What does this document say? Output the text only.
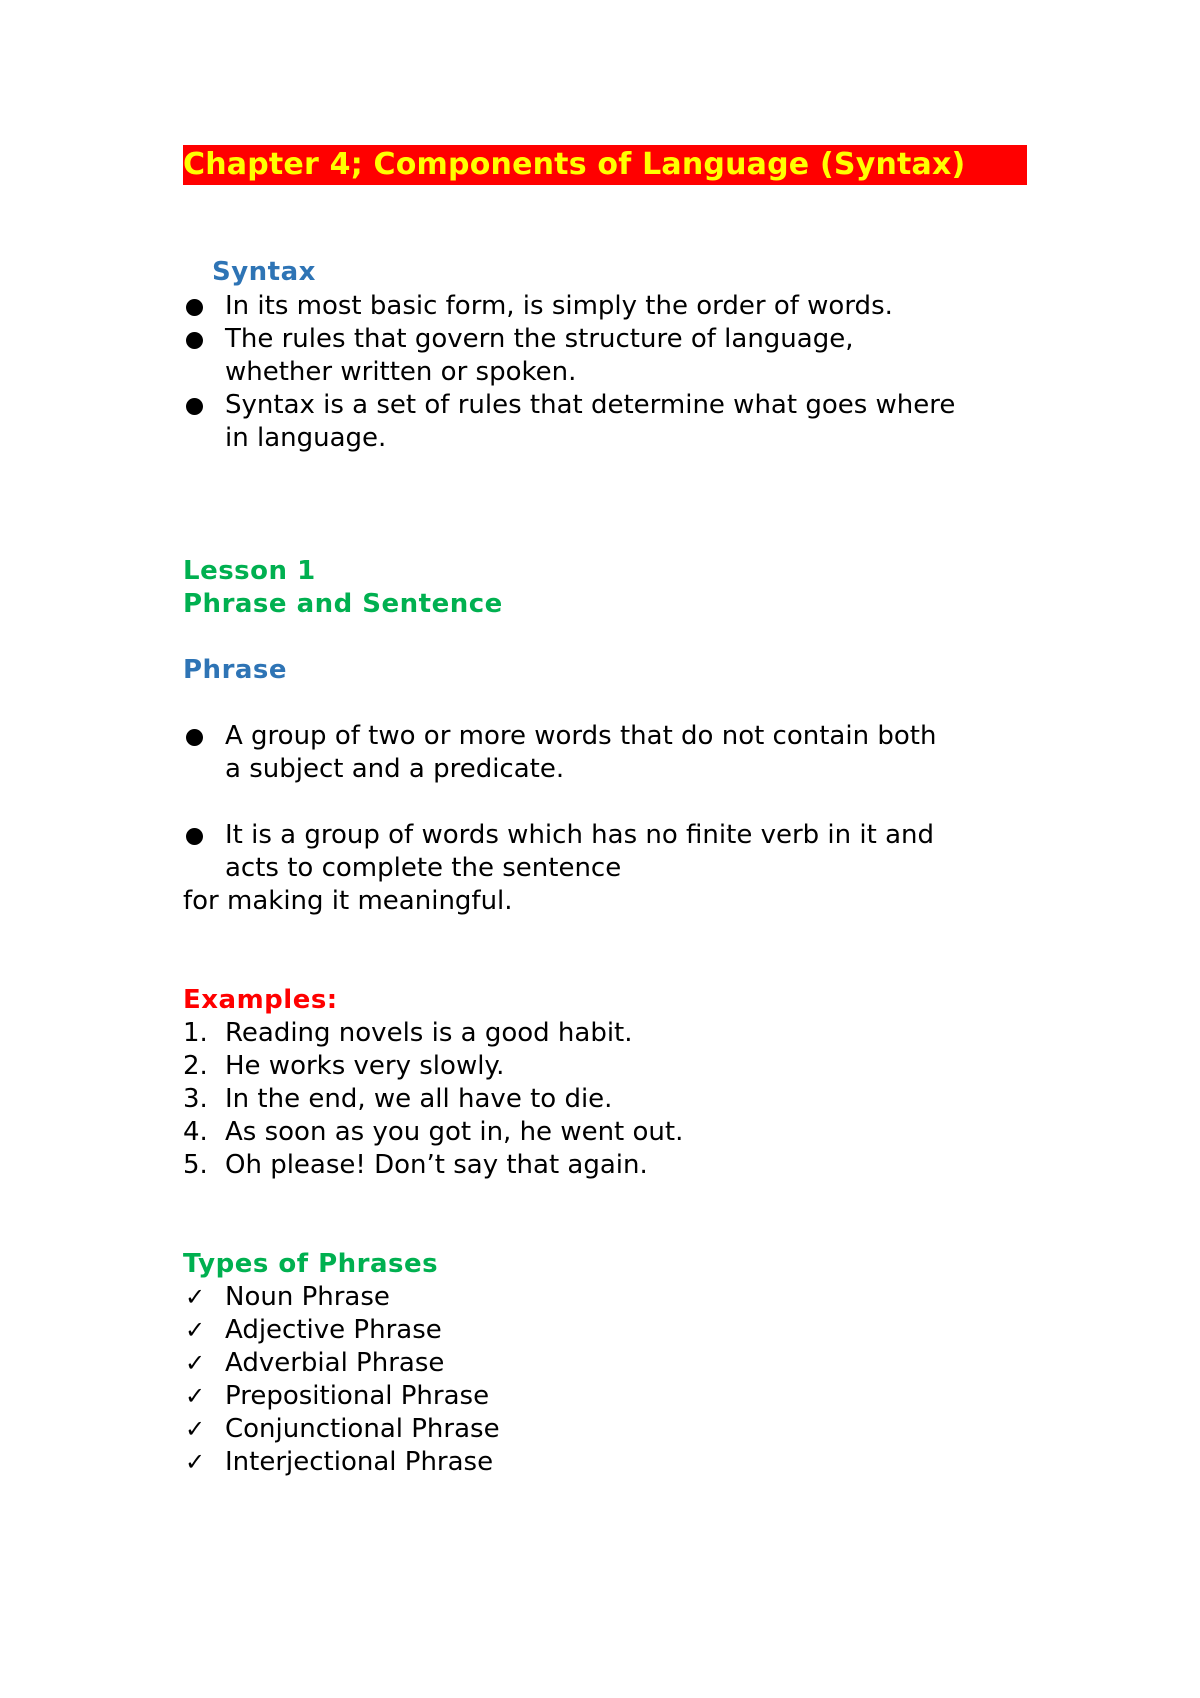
Chapter 4; Components of Language (Syntax)
Syntax
In its most basic form, is simply the order of words.
The rules that govern the structure of language,
whether written or spoken.
Syntax is a set of rules that determine what goes where
in language.
Lesson 1
Phrase and Sentence
Phrase
A group of two or more words that do not contain both
a subject and a predicate.
It is a group of words which has no finite verb in it and
acts to complete the sentence
for making it meaningful.
Examples:
1. Reading novels is a good habit.
2. He works very slowly.
3. In the end, we all have to die.
4. As soon as you got in, he went out.
5. Oh please! Don’t say that again.
Types of Phrases
✓ Noun Phrase
✓ Adjective Phrase
✓ Adverbial Phrase
✓ Prepositional Phrase
✓ Conjunctional Phrase
✓ Interjectional Phrase
